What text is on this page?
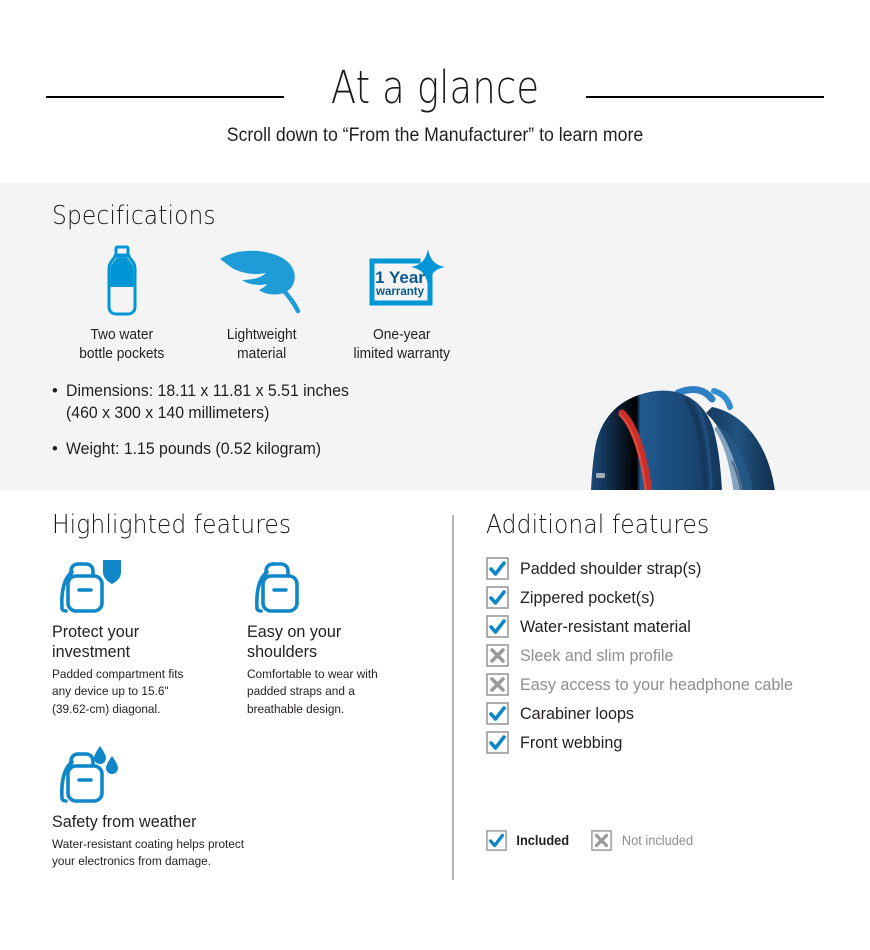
At a glance
Scroll down to “From the Manufacturer” to learn more
Specifications
Two water
bottle pockets
Lightweight
material
1 Year
warranty
One-year
limited warranty
• Dimensions: 18.11 x 11.81 x 5.51 inches
(460 x 300 x 140 millimeters)
• Weight: 1.15 pounds (0.52 kilogram)
Highlighted features	Additional features
Protect your
investment
Padded compartment fits
any device up to 15.6"
(39.62-cm) diagonal.
Easy on your
shoulders
Comfortable to wear with
padded straps and a
breathable design.
Safety from weather
Water-resistant coating helps protect
your electronics from damage.
Padded shoulder strap(s)
Zippered pocket(s)
Water-resistant material
Sleek and slim profile
Easy access to your headphone cable
Carabiner loops
Front webbing
Included	Not included
